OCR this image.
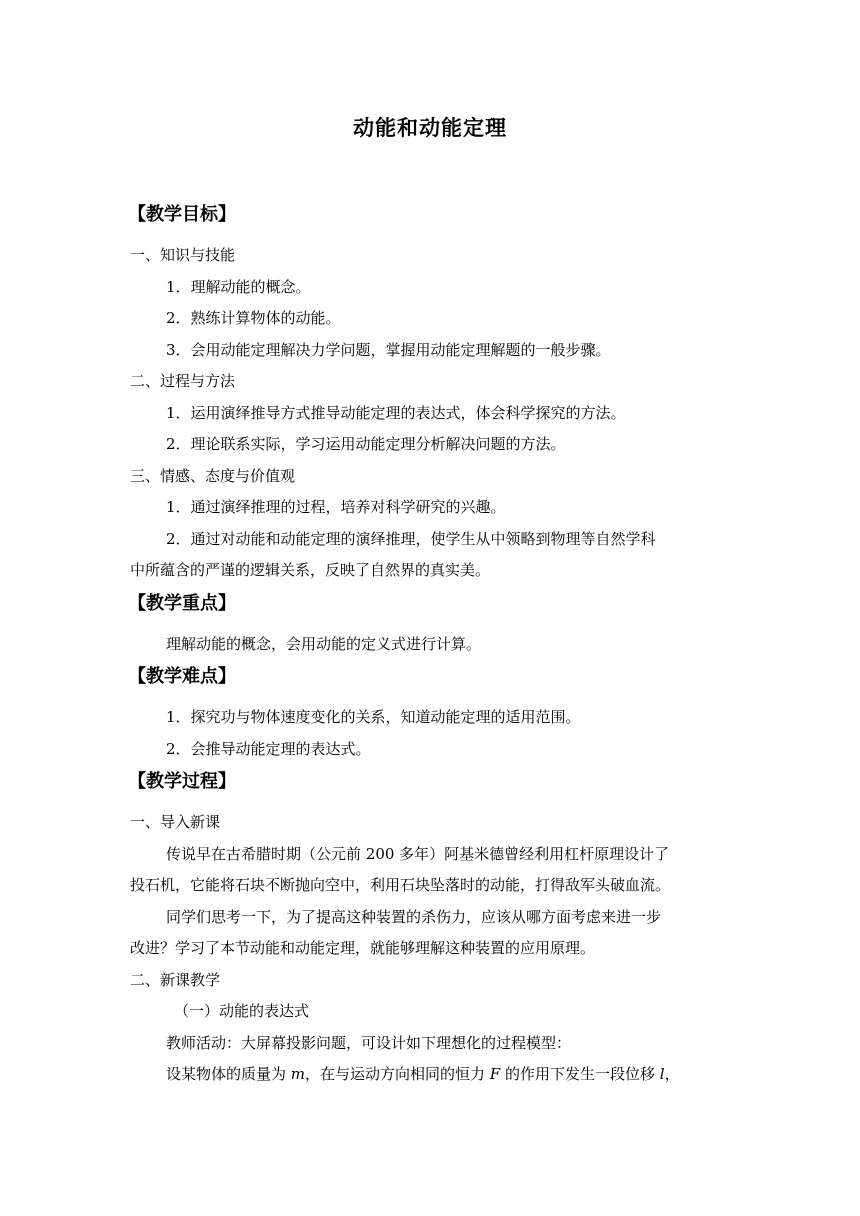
动能和动能定理
【教学目标】
一、知识与技能
1．理解动能的概念。
2．熟练计算物体的动能。
3．会用动能定理解决力学问题，掌握用动能定理解题的一般步骤。
二、过程与方法
1．运用演绎推导方式推导动能定理的表达式，体会科学探究的方法。
2．理论联系实际，学习运用动能定理分析解决问题的方法。
三、情感、态度与价值观
1．通过演绎推理的过程，培养对科学研究的兴趣。
2．通过对动能和动能定理的演绎推理，使学生从中领略到物理等自然学科
中所蕴含的严谨的逻辑关系，反映了自然界的真实美。
【教学重点】
理解动能的概念，会用动能的定义式进行计算。
【教学难点】
1．探究功与物体速度变化的关系，知道动能定理的适用范围。
2．会推导动能定理的表达式。
【教学过程】
一、导入新课
传说早在古希腊时期（公元前 200 多年）阿基米德曾经利用杠杆原理设计了
投石机，它能将石块不断抛向空中，利用石块坠落时的动能，打得敌军头破血流。
同学们思考一下，为了提高这种装置的杀伤力，应该从哪方面考虑来进一步
改进？学习了本节动能和动能定理，就能够理解这种装置的应用原理。
二、新课教学
（一）动能的表达式
教师活动：大屏幕投影问题，可设计如下理想化的过程模型：
设某物体的质量为 m，在与运动方向相同的恒力 F 的作用下发生一段位移 l，
